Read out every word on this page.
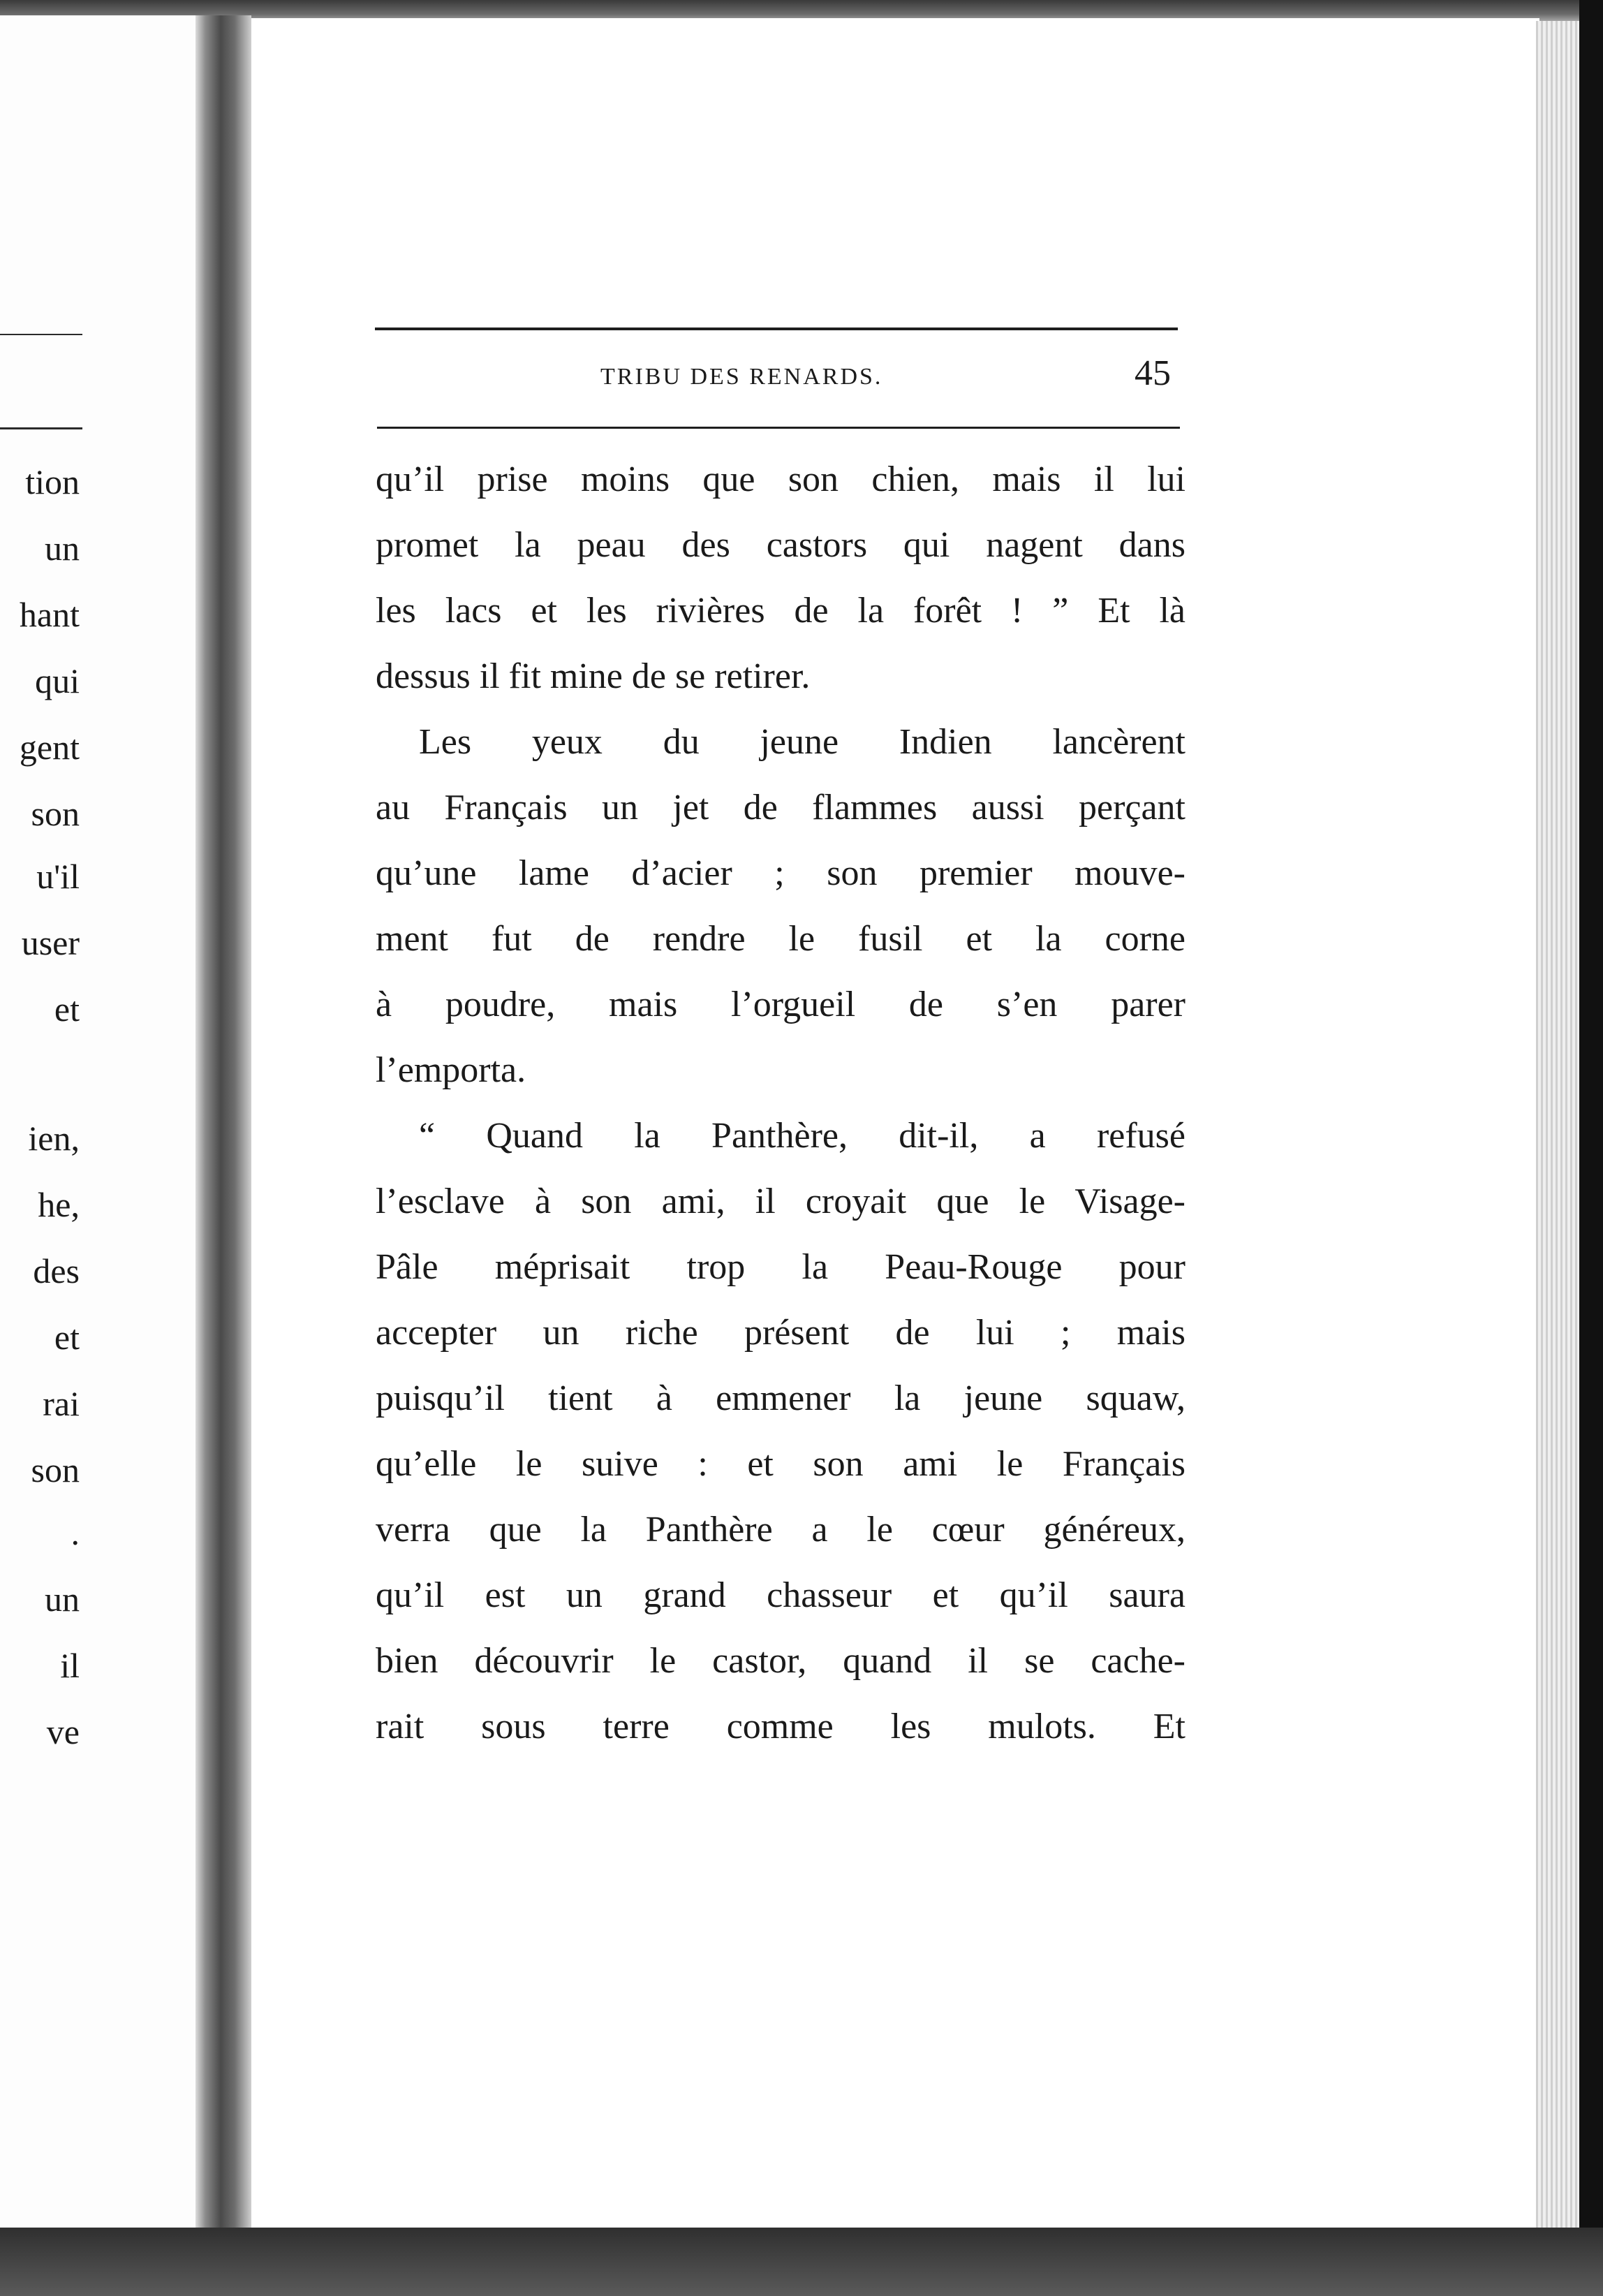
tion
un
hant
qui
gent
son
u'il
user
et
ien,
he,
des
et
rai
son
.
un
il
ve
TRIBU DES RENARDS.	45
qu’il prise moins que son chien, mais il lui
promet la peau des castors qui nagent dans
les lacs et les rivières de la forêt ! ” Et là
dessus il fit mine de se retirer.
Les yeux du jeune Indien lancèrent
au Français un jet de flammes aussi perçant
qu’une lame d’acier ; son premier mouve-
ment fut de rendre le fusil et la corne
à poudre, mais l’orgueil de s’en parer
l’emporta.
“ Quand la Panthère, dit-il, a refusé
l’esclave à son ami, il croyait que le Visage-
Pâle méprisait trop la Peau-Rouge pour
accepter un riche présent de lui ; mais
puisqu’il tient à emmener la jeune squaw,
qu’elle le suive : et son ami le Français
verra que la Panthère a le cœur généreux,
qu’il est un grand chasseur et qu’il saura
bien découvrir le castor, quand il se cache-
rait sous terre comme les mulots. Et
